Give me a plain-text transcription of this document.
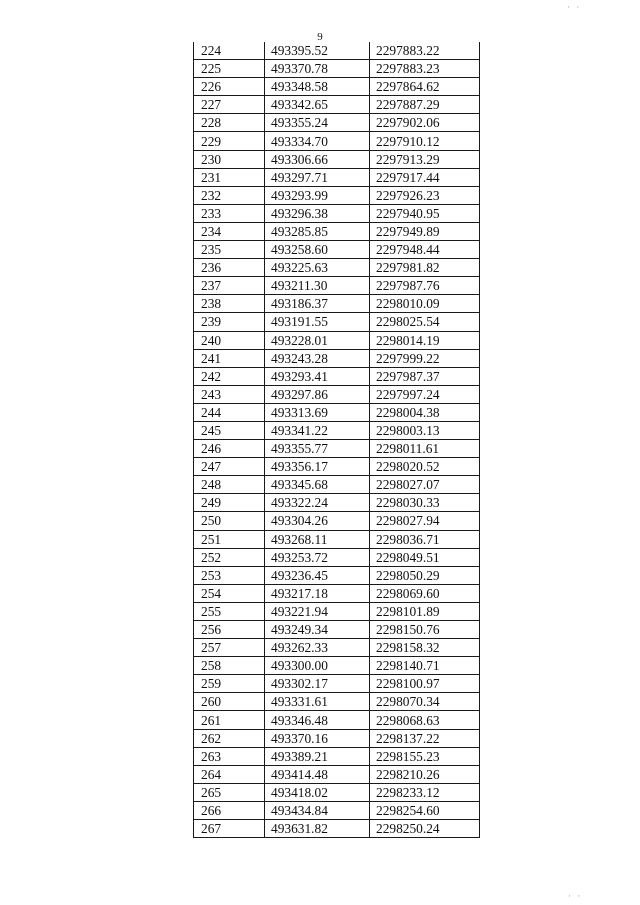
· ·
9
224	493395.52	2297883.22
225	493370.78	2297883.23
226	493348.58	2297864.62
227	493342.65	2297887.29
228	493355.24	2297902.06
229	493334.70	2297910.12
230	493306.66	2297913.29
231	493297.71	2297917.44
232	493293.99	2297926.23
233	493296.38	2297940.95
234	493285.85	2297949.89
235	493258.60	2297948.44
236	493225.63	2297981.82
237	493211.30	2297987.76
238	493186.37	2298010.09
239	493191.55	2298025.54
240	493228.01	2298014.19
241	493243.28	2297999.22
242	493293.41	2297987.37
243	493297.86	2297997.24
244	493313.69	2298004.38
245	493341.22	2298003.13
246	493355.77	2298011.61
247	493356.17	2298020.52
248	493345.68	2298027.07
249	493322.24	2298030.33
250	493304.26	2298027.94
251	493268.11	2298036.71
252	493253.72	2298049.51
253	493236.45	2298050.29
254	493217.18	2298069.60
255	493221.94	2298101.89
256	493249.34	2298150.76
257	493262.33	2298158.32
258	493300.00	2298140.71
259	493302.17	2298100.97
260	493331.61	2298070.34
261	493346.48	2298068.63
262	493370.16	2298137.22
263	493389.21	2298155.23
264	493414.48	2298210.26
265	493418.02	2298233.12
266	493434.84	2298254.60
267	493631.82	2298250.24
· ·
